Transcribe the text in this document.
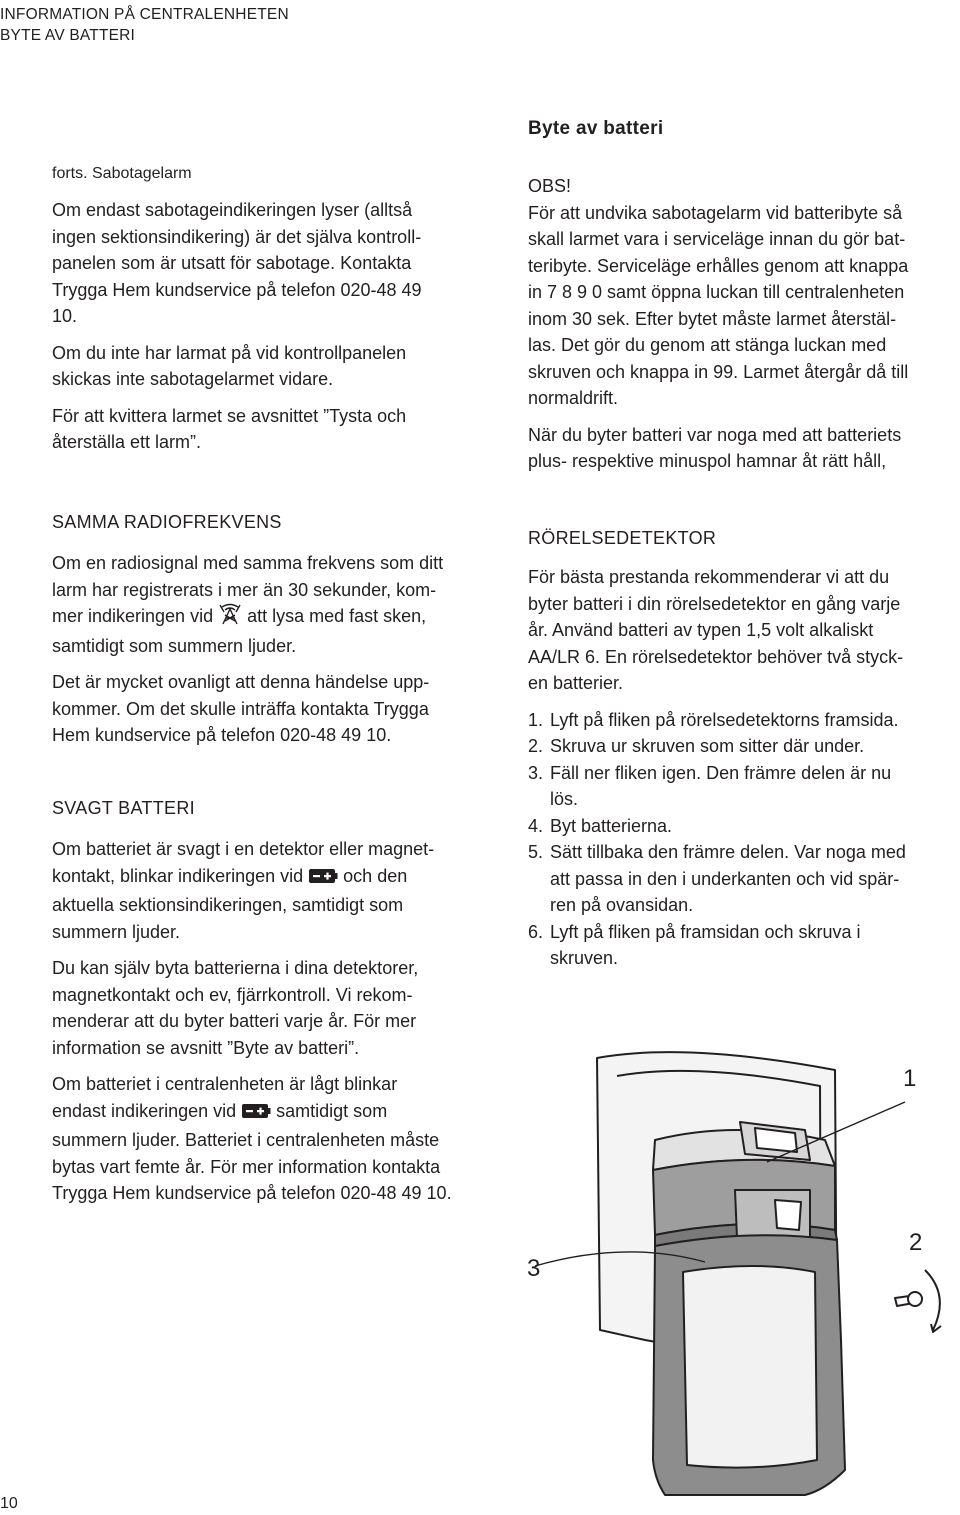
INFORMATION PÅ CENTRALENHETEN
BYTE AV BATTERI

forts. Sabotagelarm

Om endast sabotageindikeringen lyser (alltså
ingen sektionsindikering) är det själva kontroll-
panelen som är utsatt för sabotage. Kontakta
Trygga Hem kundservice på telefon 020-48 49
10.

Om du inte har larmat på vid kontrollpanelen
skickas inte sabotagelarmet vidare.

För att kvittera larmet se avsnittet ”Tysta och
återställa ett larm”.

SAMMA RADIOFREKVENS

Om en radiosignal med samma frekvens som ditt
larm har registrerats i mer än 30 sekunder, kom-
mer indikeringen vid att lysa med fast sken,
samtidigt som summern ljuder.

Det är mycket ovanligt att denna händelse upp-
kommer. Om det skulle inträffa kontakta Trygga
Hem kundservice på telefon 020-48 49 10.

SVAGT BATTERI

Om batteriet är svagt i en detektor eller magnet-
kontakt, blinkar indikeringen vid och den
aktuella sektionsindikeringen, samtidigt som
summern ljuder.

Du kan själv byta batterierna i dina detektorer,
magnetkontakt och ev, fjärrkontroll. Vi rekom-
menderar att du byter batteri varje år. För mer
information se avsnitt ”Byte av batteri”.

Om batteriet i centralenheten är lågt blinkar
endast indikeringen vid samtidigt som
summern ljuder. Batteriet i centralenheten måste
bytas vart femte år. För mer information kontakta
Trygga Hem kundservice på telefon 020-48 49 10.

Byte av batteri

OBS!

För att undvika sabotagelarm vid batteribyte så
skall larmet vara i serviceläge innan du gör bat-
teribyte. Serviceläge erhålles genom att knappa
in 7 8 9 0 samt öppna luckan till centralenheten
inom 30 sek. Efter bytet måste larmet återstäl-
las. Det gör du genom att stänga luckan med
skruven och knappa in 99. Larmet återgår då till
normaldrift.

När du byter batteri var noga med att batteriets
plus- respektive minuspol hamnar åt rätt håll,

RÖRELSEDETEKTOR

För bästa prestanda rekommenderar vi att du
byter batteri i din rörelsedetektor en gång varje
år. Använd batteri av typen 1,5 volt alkaliskt
AA/LR 6. En rörelsedetektor behöver två styck-
en batterier.

1. Lyft på fliken på rörelsedetektorns framsida.
2. Skruva ur skruven som sitter där under.
3. Fäll ner fliken igen. Den främre delen är nu
lös.
4. Byt batterierna.
5. Sätt tillbaka den främre delen. Var noga med
att passa in den i underkanten och vid spär-
ren på ovansidan.
6. Lyft på fliken på framsidan och skruva i
skruven.
1
2
3
10
